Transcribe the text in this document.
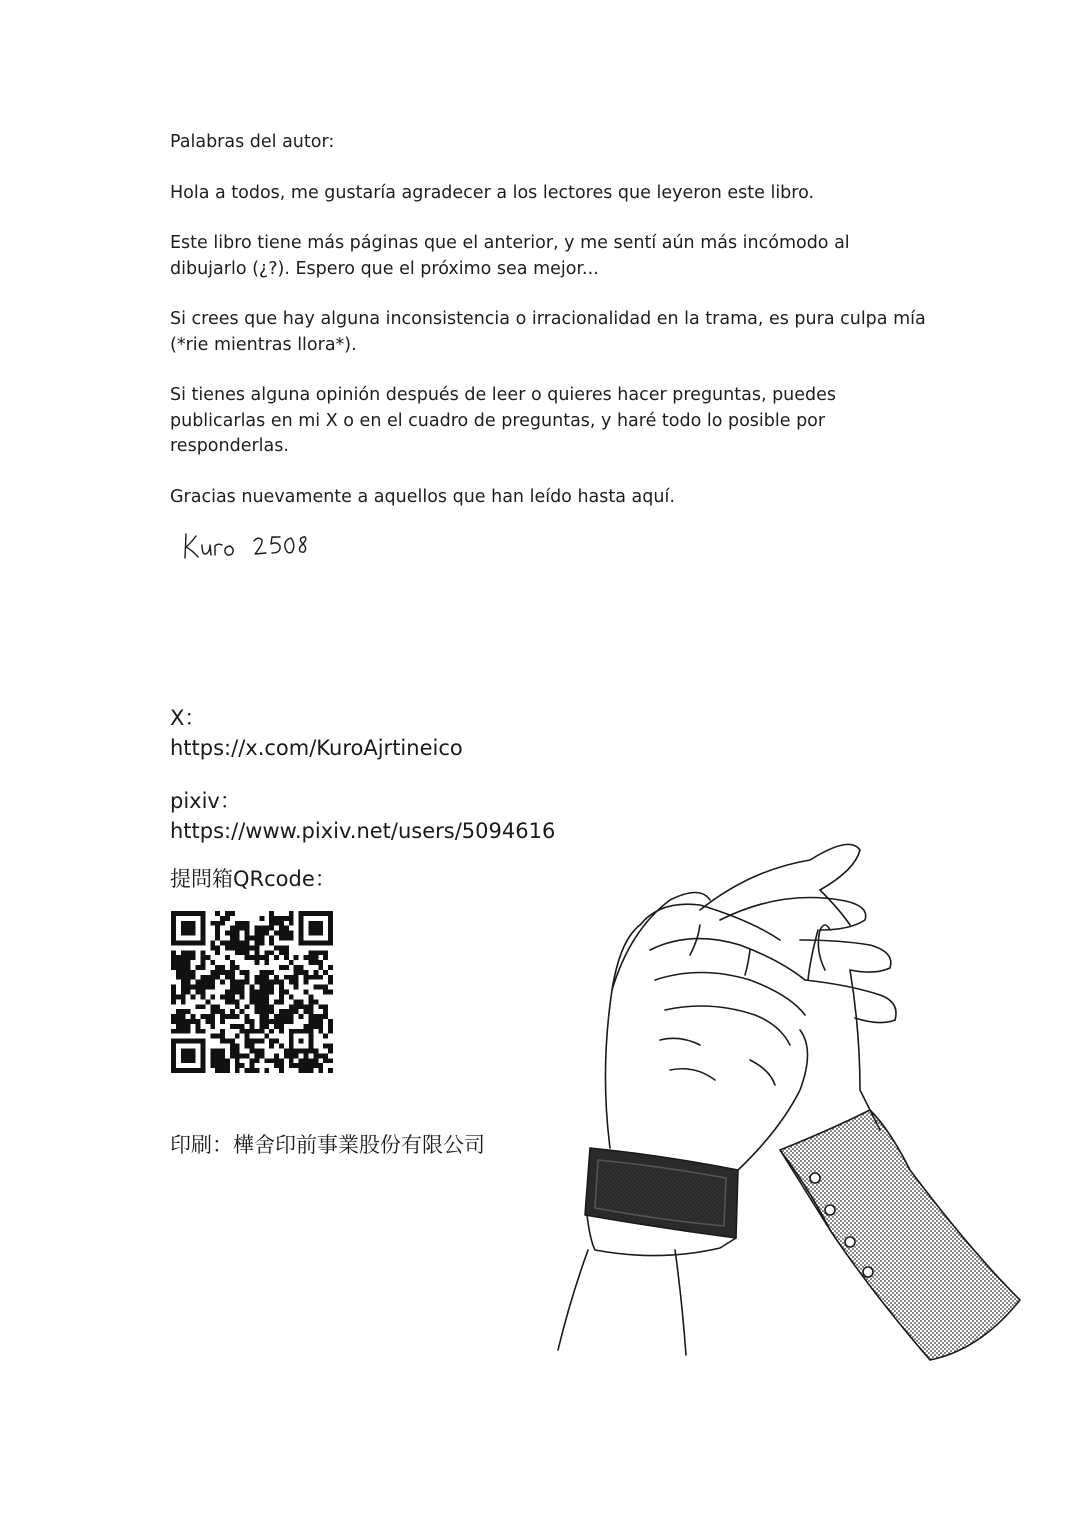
Palabras del autor:

Hola a todos, me gustaría agradecer a los lectores que leyeron este libro.

Este libro tiene más páginas que el anterior, y me sentí aún más incómodo al dibujarlo (¿?). Espero que el próximo sea mejor...

Si crees que hay alguna inconsistencia o irracionalidad en la trama, es pura culpa mía (*rie mientras llora*).

Si tienes alguna opinión después de leer o quieres hacer preguntas, puedes publicarlas en mi X o en el cuadro de preguntas, y haré todo lo posible por responderlas.

Gracias nuevamente a aquellos que han leído hasta aquí.

X：
https://x.com/KuroAjrtineico
pixiv：
https://www.pixiv.net/users/5094616
提問箱QRcode：
印刷：樺舍印前事業股份有限公司
